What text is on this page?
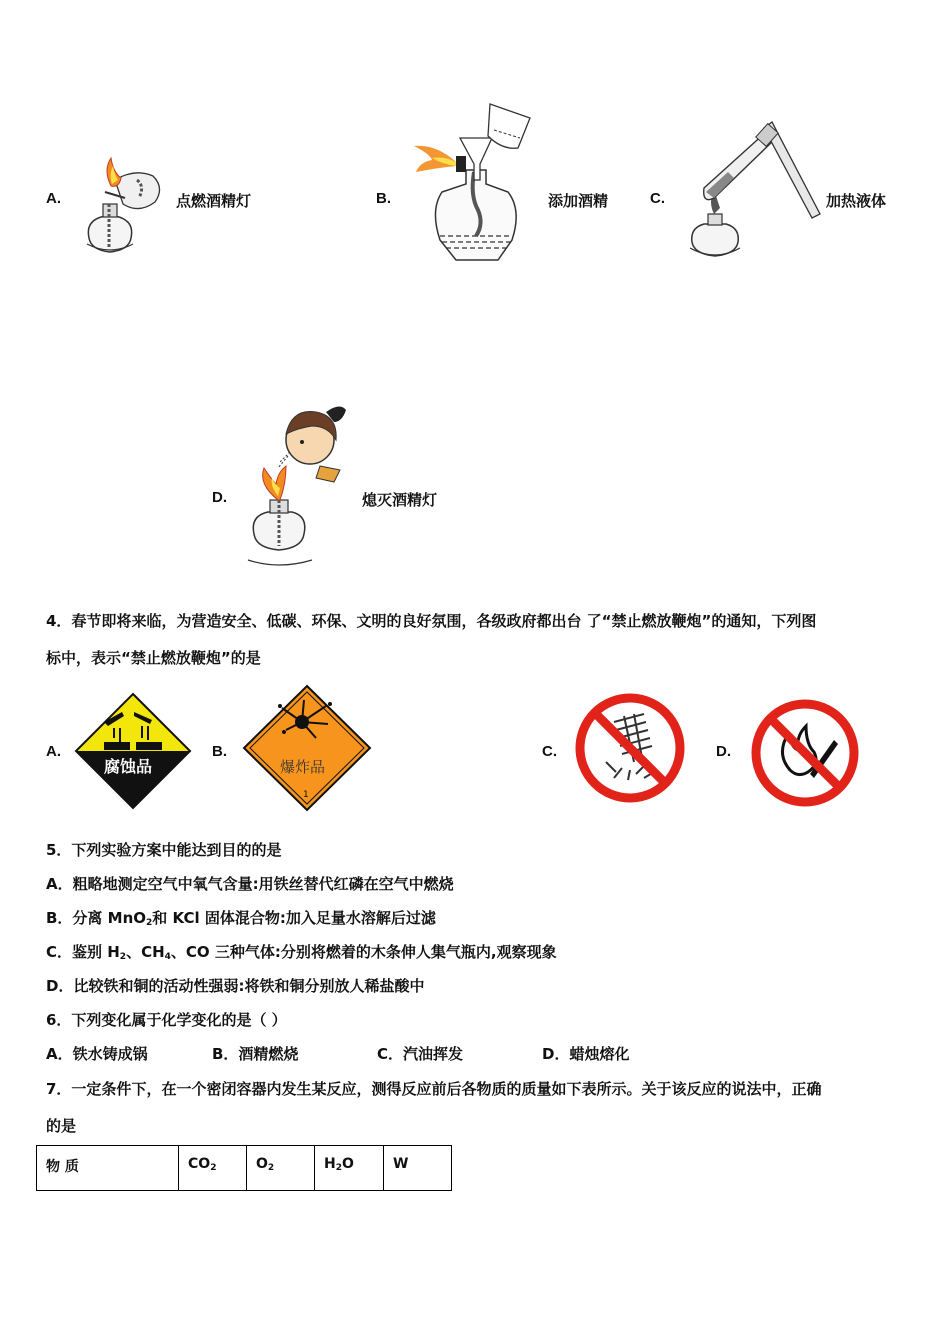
A.	点燃酒精灯	B.	添加酒精	C.	加热液体
D.	熄灭酒精灯
4．春节即将来临，为营造安全、低碳、环保、文明的良好氛围，各级政府都出台 了“禁止燃放鞭炮”的通知，下列图
标中，表示“禁止燃放鞭炮”的是
A.
腐蚀品
B.
爆炸品
1
C.	D.
5．下列实验方案中能达到目的的是
A．粗略地测定空气中氧气含量:用铁丝替代红磷在空气中燃烧
B．分离 MnO$_2$和 KCl 固体混合物:加入足量水溶解后过滤
C．鉴别 $H_2$、$CH_4$、CO 三种气体:分别将燃着的木条伸人集气瓶内,观察现象
D．比较铁和铜的活动性强弱:将铁和铜分别放人稀盐酸中
6．下列变化属于化学变化的是（ ）
A．铁水铸成锅	B．酒精燃烧	C．汽油挥发	D．蜡烛熔化
7．一定条件下，在一个密闭容器内发生某反应，测得反应前后各物质的质量如下表所示。关于该反应的说法中，正确
的是
物 质	$CO_2$	$O_2$	$H_2O$	W
